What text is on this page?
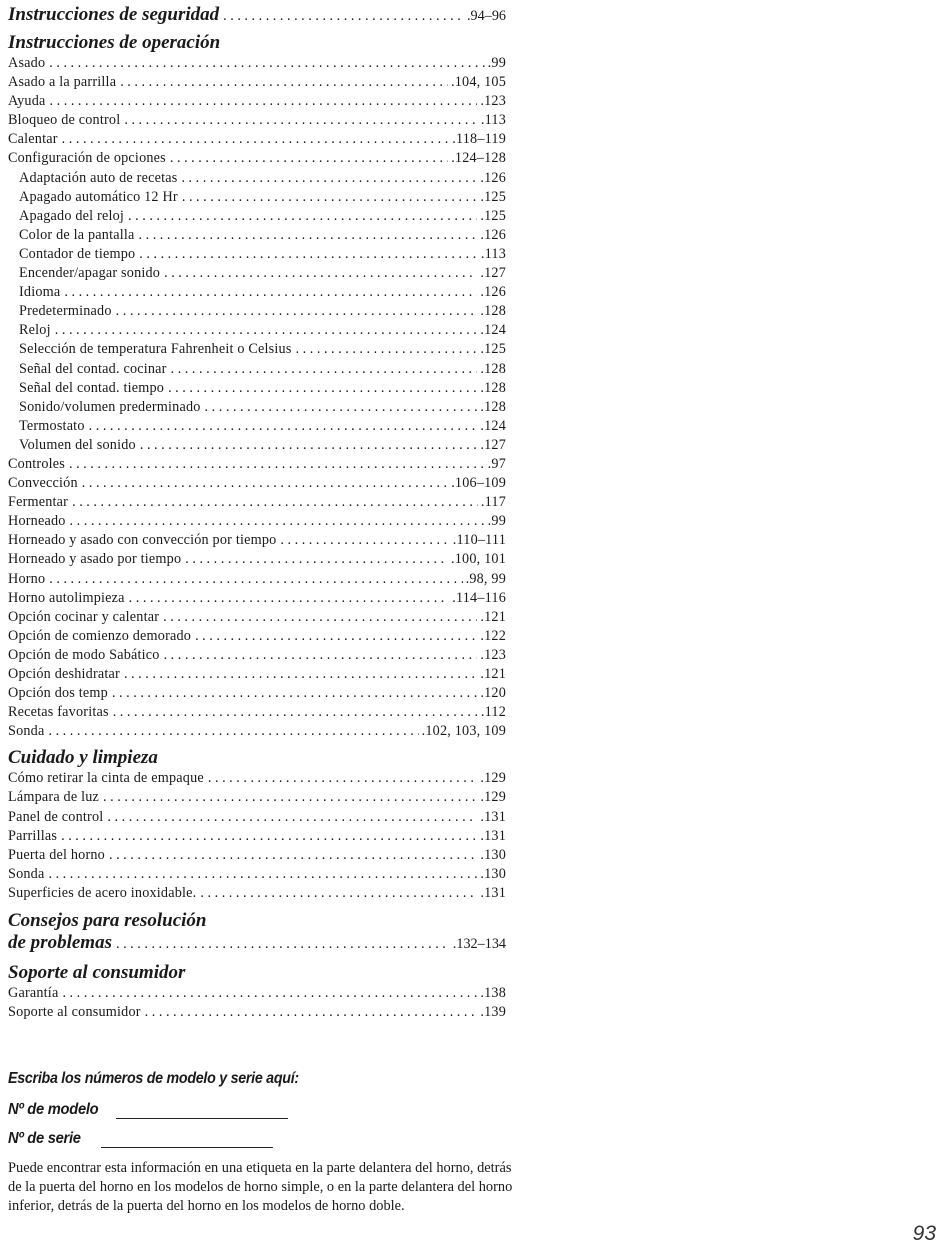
Instrucciones de seguridad . . .	.94–96
Instrucciones de operación
Asado . . .	.99
Asado a la parrilla . . .	.104, 105
Ayuda . . .	.123
Bloqueo de control . . .	.113
Calentar . . .	.118–119
Configuración de opciones . . .	.124–128
Adaptación auto de recetas . . .	.126
Apagado automático 12 Hr . . .	.125
Apagado del reloj . . .	.125
Color de la pantalla . . .	.126
Contador de tiempo . . .	.113
Encender/apagar sonido . . .	.127
Idioma . . .	.126
Predeterminado . . .	.128
Reloj . . .	.124
Selección de temperatura Fahrenheit o Celsius . . .	.125
Señal del contad. cocinar . . .	.128
Señal del contad. tiempo . . .	.128
Sonido/volumen prederminado . . .	.128
Termostato . . .	.124
Volumen del sonido . . .	.127
Controles . . .	.97
Convección . . .	.106–109
Fermentar . . .	.117
Horneado . . .	.99
Horneado y asado con convección por tiempo . . .	.110–111
Horneado y asado por tiempo . . .	.100, 101
Horno . . .	.98, 99
Horno autolimpieza . . .	.114–116
Opción cocinar y calentar . . .	.121
Opción de comienzo demorado . . .	.122
Opción de modo Sabático . . .	.123
Opción deshidratar . . .	.121
Opción dos temp . . .	.120
Recetas favoritas . . .	.112
Sonda . . .	.102, 103, 109
Cuidado y limpieza
Cómo retirar la cinta de empaque . . .	.129
Lámpara de luz . . .	.129
Panel de control . . .	.131
Parrillas . . .	.131
Puerta del horno . . .	.130
Sonda . . .	.130
Superficies de acero inoxidable. . . .	.131
Consejos para resolución
de problemas . . .	.132–134
Soporte al consumidor
Garantía . . .	.138
Soporte al consumidor . . .	.139
Escriba los números de modelo y serie aquí:
Nº de modelo
Nº de serie
Puede encontrar esta información en una etiqueta en la parte delantera del horno, detrás de la puerta del horno en los modelos de horno simple, o en la parte delantera del horno inferior, detrás de la puerta del horno en los modelos de horno doble.
93
